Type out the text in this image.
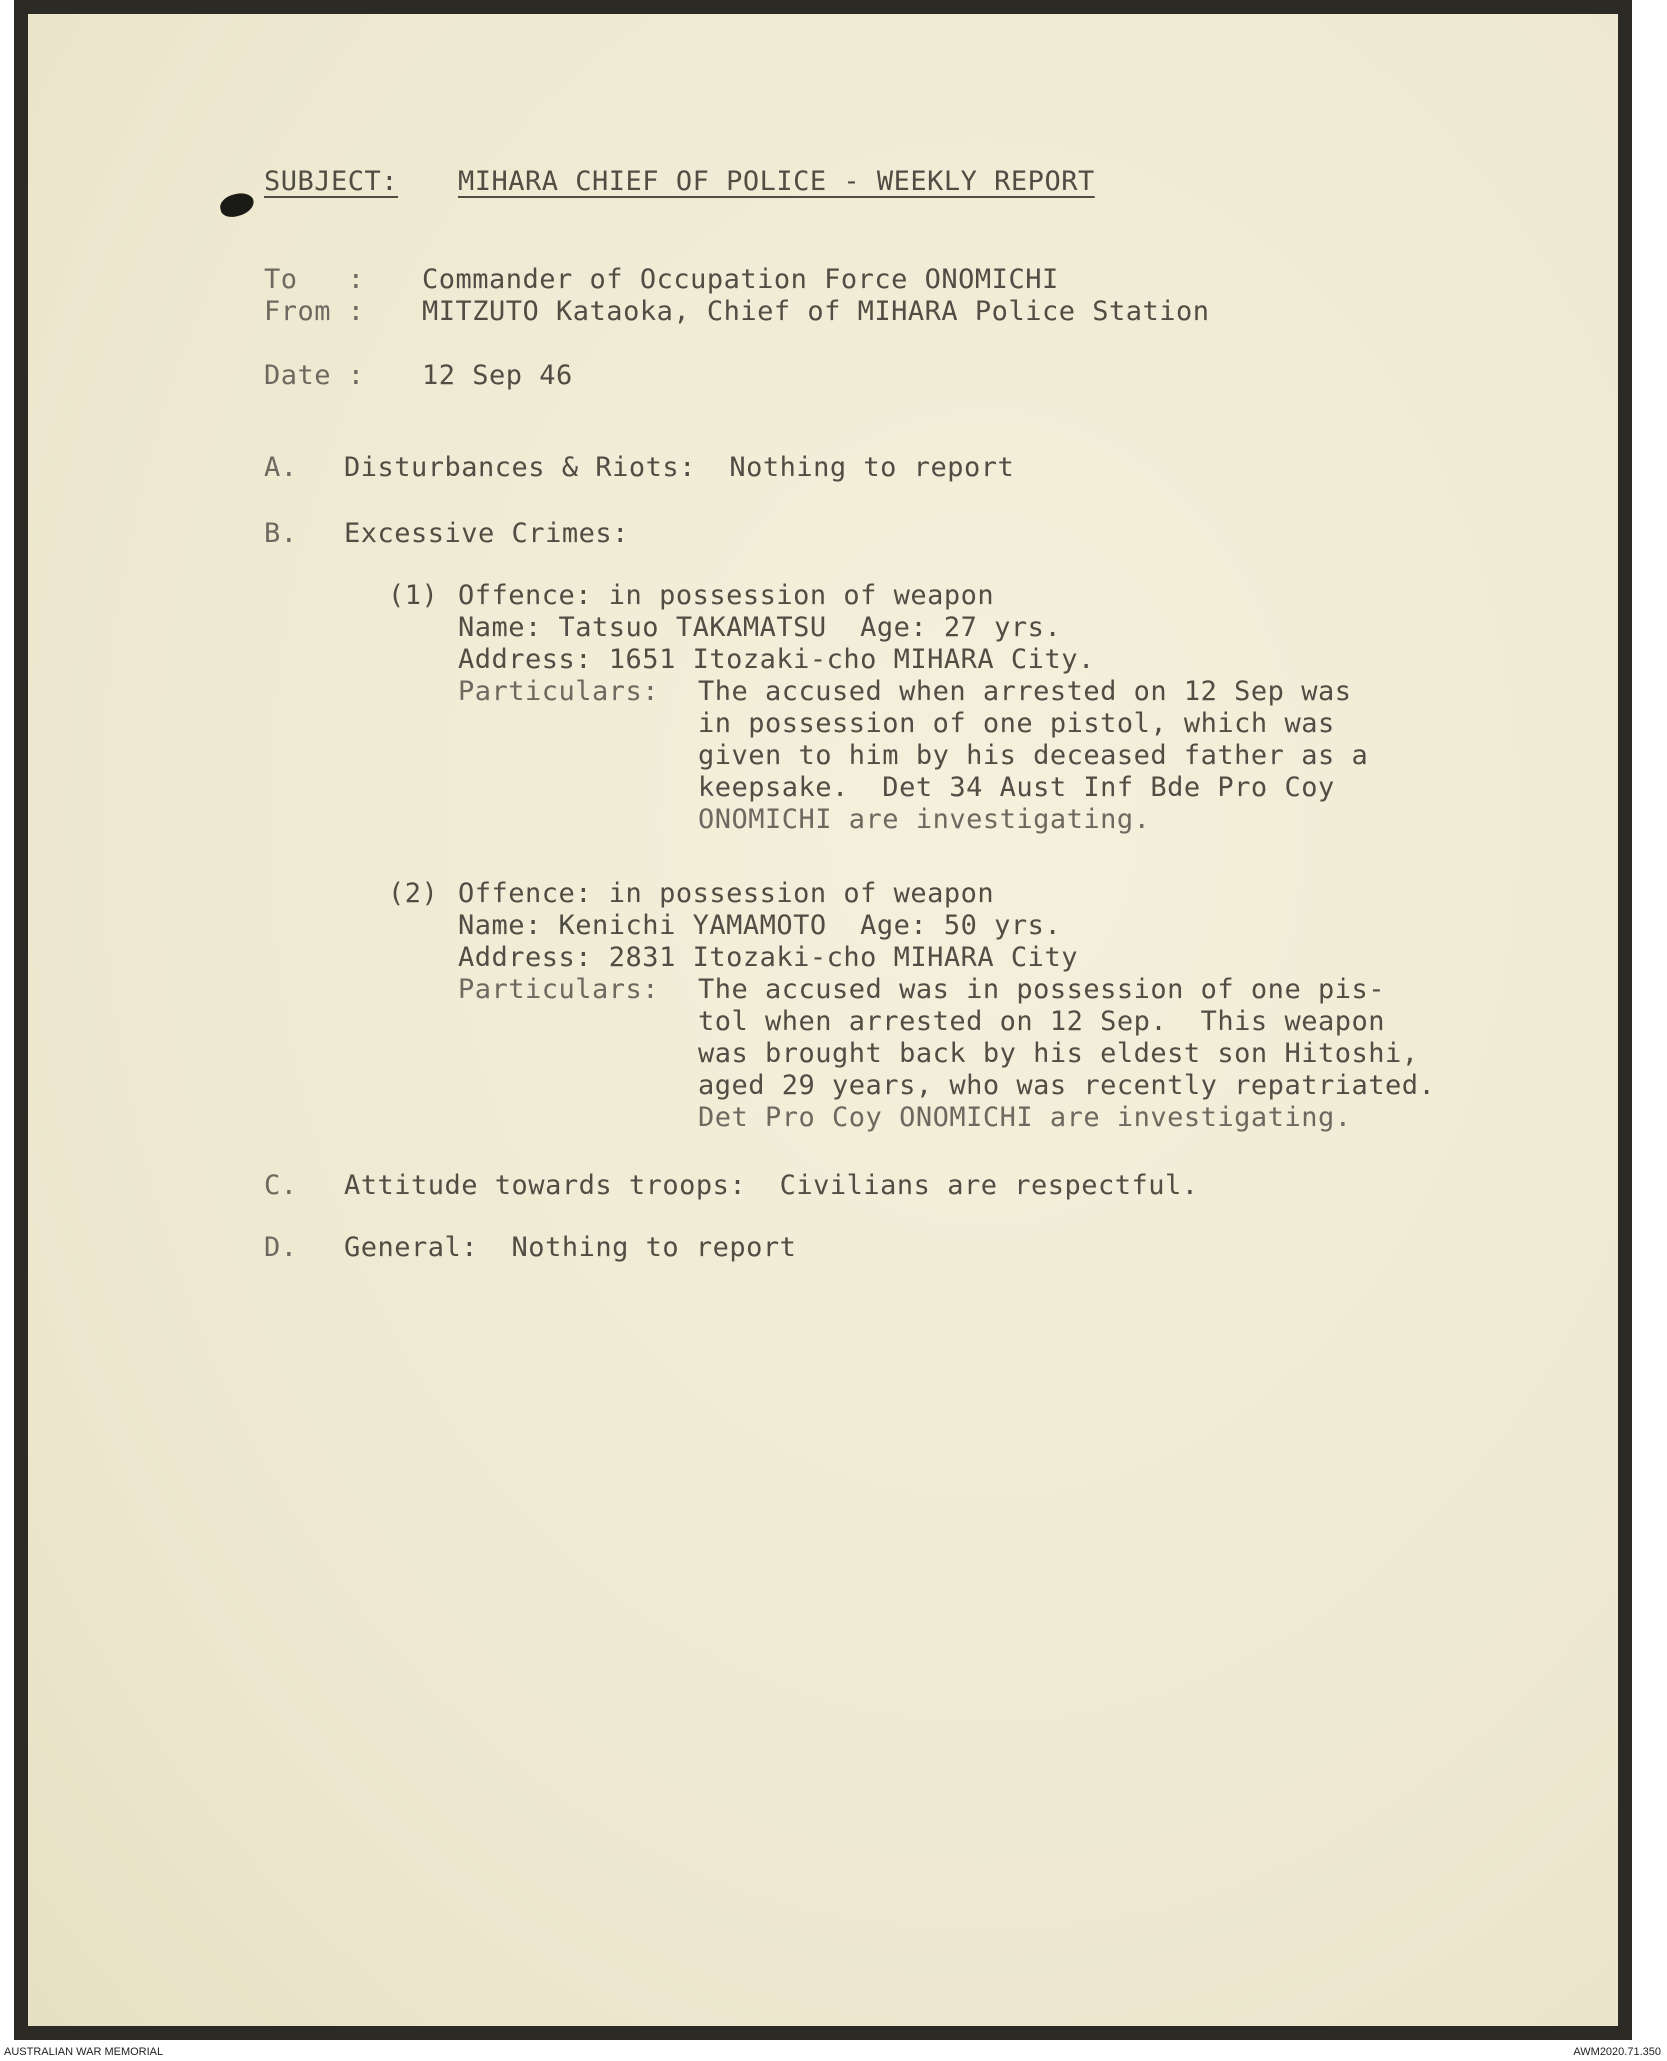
SUBJECT: MIHARA CHIEF OF POLICE - WEEKLY REPORT
To   : Commander of Occupation Force ONOMICHI
From : MITZUTO Kataoka, Chief of MIHARA Police Station
Date : 12 Sep 46
A. Disturbances & Riots:  Nothing to report
B. Excessive Crimes:
(1) Offence: in possession of weapon
Name: Tatsuo TAKAMATSU  Age: 27 yrs.
Address: 1651 Itozaki-cho MIHARA City.
Particulars: The accused when arrested on 12 Sep was
in possession of one pistol, which was
given to him by his deceased father as a
keepsake.  Det 34 Aust Inf Bde Pro Coy
ONOMICHI are investigating.
(2) Offence: in possession of weapon
Name: Kenichi YAMAMOTO  Age: 50 yrs.
Address: 2831 Itozaki-cho MIHARA City
Particulars: The accused was in possession of one pis-
tol when arrested on 12 Sep.  This weapon
was brought back by his eldest son Hitoshi,
aged 29 years, who was recently repatriated.
Det Pro Coy ONOMICHI are investigating.
C. Attitude towards troops:  Civilians are respectful.
D. General:  Nothing to report
AUSTRALIAN WAR MEMORIAL	AWM2020.71.350
